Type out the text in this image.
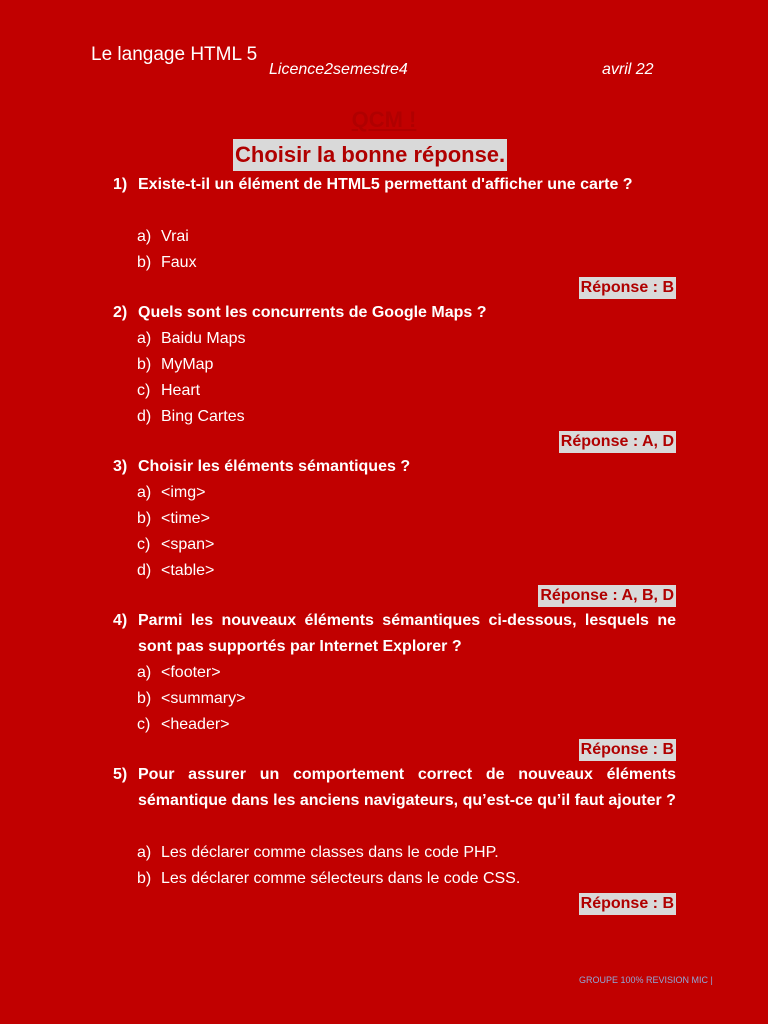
Le langage HTML 5
Licence2semestre4	avril 22
QCM !
Choisir la bonne réponse.
1) Existe-t-il un élément de HTML5 permettant d'afficher une carte ?
a) Vrai
b) Faux
Réponse : B
2) Quels sont les concurrents de Google Maps ?
a) Baidu Maps
b) MyMap
c) Heart
d) Bing Cartes
Réponse : A, D
3) Choisir les éléments sémantiques ?
a) <img>
b) <time>
c) <span>
d) <table>
Réponse : A, B, D
4) Parmi les nouveaux éléments sémantiques ci-dessous, lesquels ne sont pas supportés par Internet Explorer ?
a) <footer>
b) <summary>
c) <header>
Réponse : B
5) Pour assurer un comportement correct de nouveaux éléments sémantique dans les anciens navigateurs, qu’est-ce qu’il faut ajouter ?
a) Les déclarer comme classes dans le code PHP.
b) Les déclarer comme sélecteurs dans le code CSS.
Réponse : B
GROUPE 100% REVISION MIC |
